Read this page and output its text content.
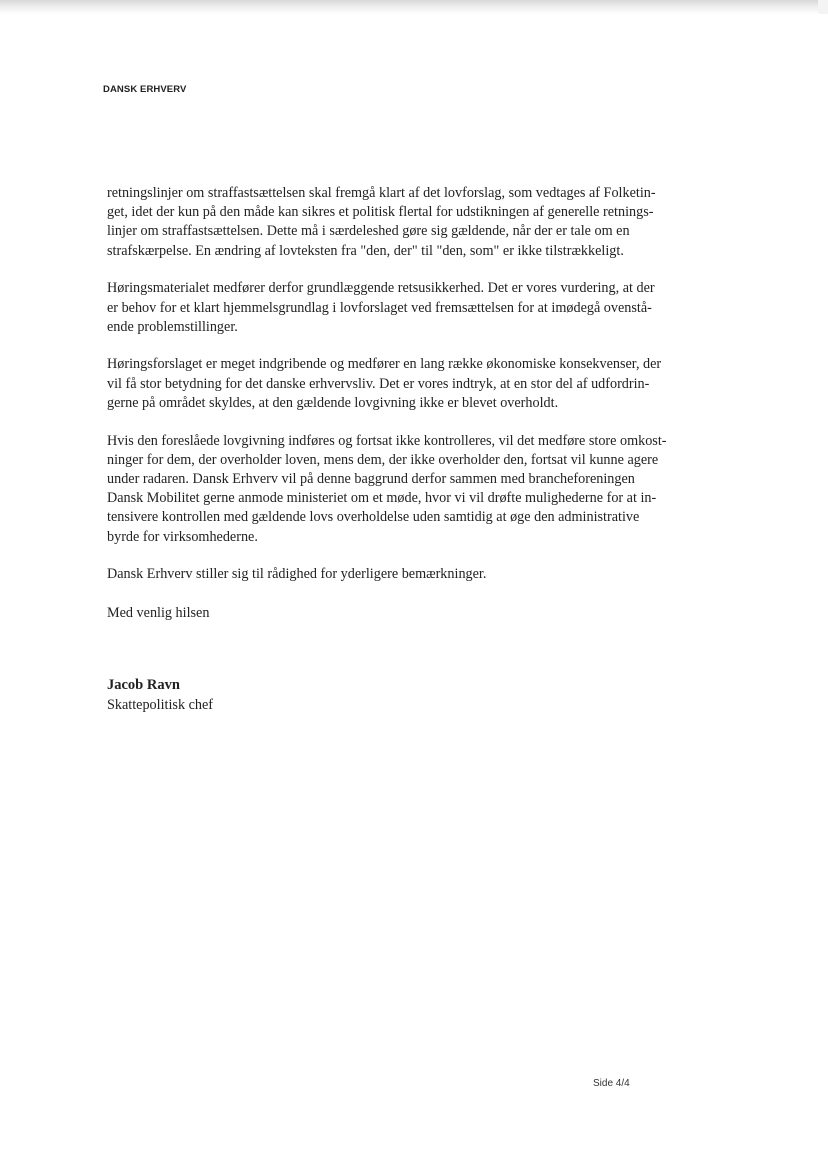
DANSK ERHVERV
retningslinjer om straffastsættelsen skal fremgå klart af det lovforslag, som vedtages af Folketin-
get, idet der kun på den måde kan sikres et politisk flertal for udstikningen af generelle retnings-
linjer om straffastsættelsen. Dette må i særdeleshed gøre sig gældende, når der er tale om en
strafskærpelse. En ændring af lovteksten fra "den, der" til "den, som" er ikke tilstrækkeligt.
Høringsmaterialet medfører derfor grundlæggende retsusikkerhed. Det er vores vurdering, at der
er behov for et klart hjemmelsgrundlag i lovforslaget ved fremsættelsen for at imødegå ovenstå-
ende problemstillinger.
Høringsforslaget er meget indgribende og medfører en lang række økonomiske konsekvenser, der
vil få stor betydning for det danske erhvervsliv. Det er vores indtryk, at en stor del af udfordrin-
gerne på området skyldes, at den gældende lovgivning ikke er blevet overholdt.
Hvis den foreslåede lovgivning indføres og fortsat ikke kontrolleres, vil det medføre store omkost-
ninger for dem, der overholder loven, mens dem, der ikke overholder den, fortsat vil kunne agere
under radaren. Dansk Erhverv vil på denne baggrund derfor sammen med brancheforeningen
Dansk Mobilitet gerne anmode ministeriet om et møde, hvor vi vil drøfte mulighederne for at in-
tensivere kontrollen med gældende lovs overholdelse uden samtidig at øge den administrative
byrde for virksomhederne.
Dansk Erhverv stiller sig til rådighed for yderligere bemærkninger.
Med venlig hilsen
Jacob Ravn
Skattepolitisk chef
Side 4/4
